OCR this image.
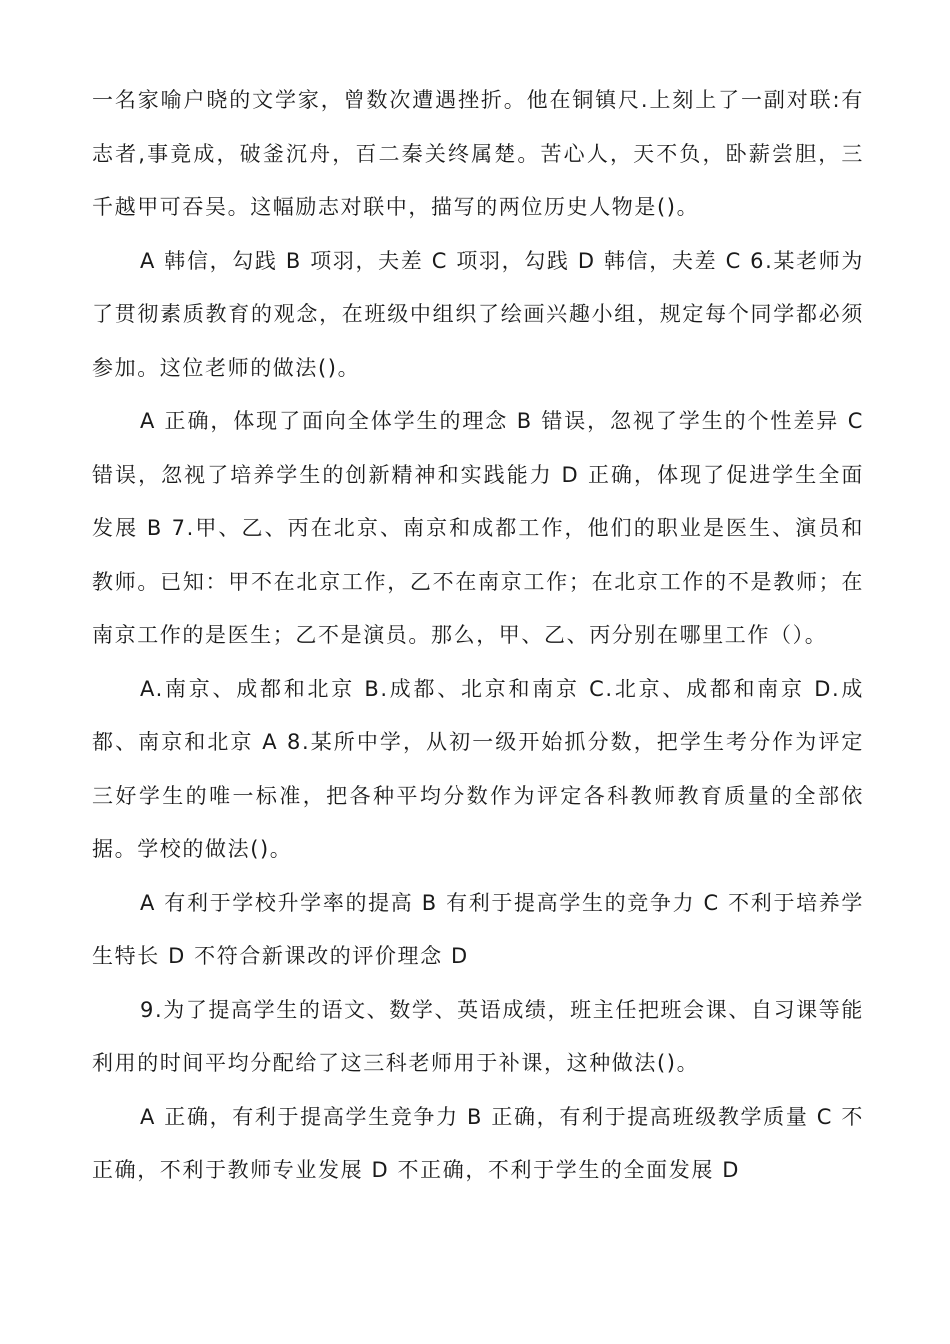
一名家喻户晓的文学家，曾数次遭遇挫折。他在铜镇尺.上刻上了一副对联:有志者,事竟成，破釜沉舟，百二秦关终属楚。苦心人，天不负，卧薪尝胆，三千越甲可吞吴。这幅励志对联中，描写的两位历史人物是()。

A 韩信，勾践 B 项羽，夫差 C 项羽，勾践 D 韩信，夫差 C 6.某老师为了贯彻素质教育的观念，在班级中组织了绘画兴趣小组，规定每个同学都必须参加。这位老师的做法()。

A 正确，体现了面向全体学生的理念 B 错误，忽视了学生的个性差异 C 错误，忽视了培养学生的创新精神和实践能力 D 正确，体现了促进学生全面发展 B 7.甲、乙、丙在北京、南京和成都工作，他们的职业是医生、演员和教师。已知：甲不在北京工作，乙不在南京工作；在北京工作的不是教师；在南京工作的是医生；乙不是演员。那么，甲、乙、丙分别在哪里工作（）。

A.南京、成都和北京 B.成都、北京和南京 C.北京、成都和南京 D.成都、南京和北京 A 8.某所中学，从初一级开始抓分数，把学生考分作为评定三好学生的唯一标准，把各种平均分数作为评定各科教师教育质量的全部依据。学校的做法()。

A 有利于学校升学率的提高 B 有利于提高学生的竞争力 C 不利于培养学生特长 D 不符合新课改的评价理念 D

9.为了提高学生的语文、数学、英语成绩，班主任把班会课、自习课等能利用的时间平均分配给了这三科老师用于补课，这种做法()。

A 正确，有利于提高学生竞争力 B 正确，有利于提高班级教学质量 C 不正确，不利于教师专业发展 D 不正确，不利于学生的全面发展 D
